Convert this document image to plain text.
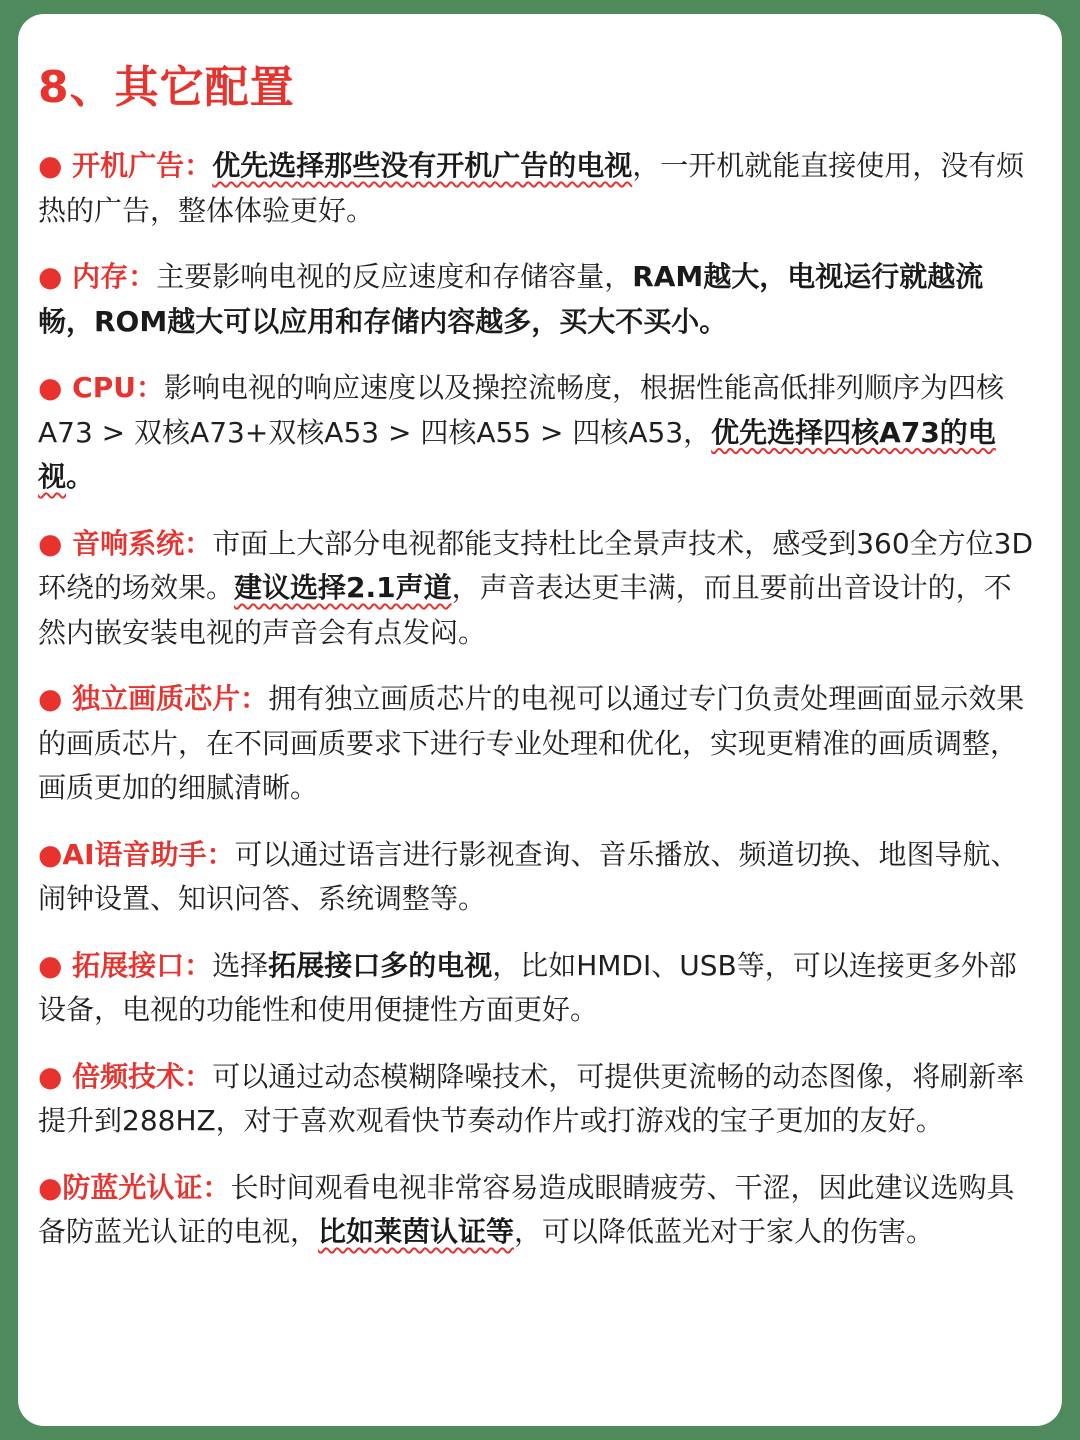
8、其它配置

● 开机广告：优先选择那些没有开机广告的电视，一开机就能直接使用，没有烦热的广告，整体体验更好。

● 内存：主要影响电视的反应速度和存储容量，RAM越大，电视运行就越流畅，ROM越大可以应用和存储内容越多，买大不买小。

● CPU：影响电视的响应速度以及操控流畅度，根据性能高低排列顺序为四核A73 > 双核A73+双核A53 > 四核A55 > 四核A53，优先选择四核A73的电视。

● 音响系统：市面上大部分电视都能支持杜比全景声技术，感受到360全方位3D环绕的场效果。建议选择2.1声道，声音表达更丰满，而且要前出音设计的，不然内嵌安装电视的声音会有点发闷。

● 独立画质芯片：拥有独立画质芯片的电视可以通过专门负责处理画面显示效果的画质芯片，在不同画质要求下进行专业处理和优化，实现更精准的画质调整，画质更加的细腻清晰。

●AI语音助手：可以通过语言进行影视查询、音乐播放、频道切换、地图导航、闹钟设置、知识问答、系统调整等。

● 拓展接口：选择拓展接口多的电视，比如HMDI、USB等，可以连接更多外部设备，电视的功能性和使用便捷性方面更好。

● 倍频技术：可以通过动态模糊降噪技术，可提供更流畅的动态图像，将刷新率提升到288HZ，对于喜欢观看快节奏动作片或打游戏的宝子更加的友好。

●防蓝光认证：长时间观看电视非常容易造成眼睛疲劳、干涩，因此建议选购具备防蓝光认证的电视，比如莱茵认证等，可以降低蓝光对于家人的伤害。
